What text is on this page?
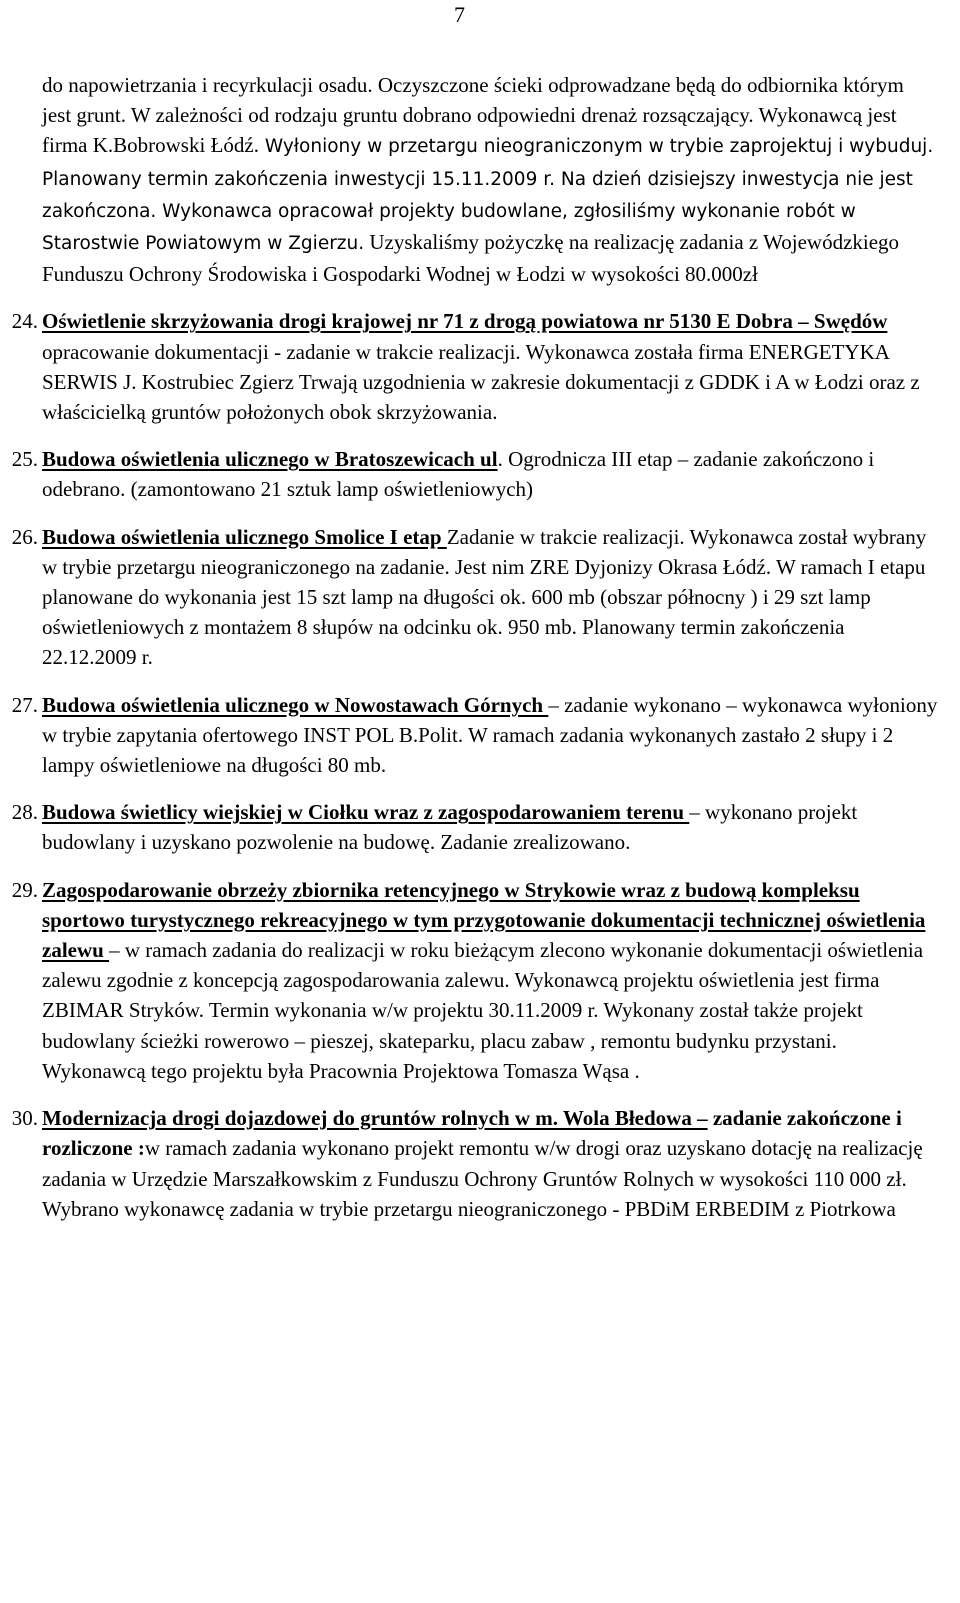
7

do napowietrzania i recyrkulacji osadu. Oczyszczone ścieki odprowadzane będą do odbiornika którym jest grunt. W zależności od rodzaju gruntu dobrano odpowiedni drenaż rozsączający. Wykonawcą jest firma K.Bobrowski Łódź. Wyłoniony w przetargu nieograniczonym w trybie zaprojektuj i wybuduj. Planowany termin zakończenia inwestycji 15.11.2009 r. Na dzień dzisiejszy inwestycja nie jest zakończona. Wykonawca opracował projekty budowlane, zgłosiliśmy wykonanie robót w Starostwie Powiatowym w Zgierzu. Uzyskaliśmy pożyczkę na realizację zadania z Wojewódzkiego Funduszu Ochrony Środowiska i Gospodarki Wodnej w Łodzi w wysokości 80.000zł

24. Oświetlenie skrzyżowania drogi krajowej nr 71 z drogą powiatowa nr 5130 E Dobra – Swędów opracowanie dokumentacji - zadanie w trakcie realizacji. Wykonawca została firma ENERGETYKA SERWIS J. Kostrubiec Zgierz Trwają uzgodnienia w zakresie dokumentacji z GDDK i A w Łodzi oraz z właścicielką gruntów położonych obok skrzyżowania.

25. Budowa oświetlenia ulicznego w Bratoszewicach ul. Ogrodnicza III etap – zadanie zakończono i odebrano. (zamontowano 21 sztuk lamp oświetleniowych)

26. Budowa oświetlenia ulicznego Smolice I etap Zadanie w trakcie realizacji. Wykonawca został wybrany w trybie przetargu nieograniczonego na zadanie. Jest nim ZRE Dyjonizy Okrasa Łódź. W ramach I etapu planowane do wykonania jest 15 szt lamp na długości ok. 600 mb (obszar północny ) i 29 szt lamp oświetleniowych z montażem 8 słupów na odcinku ok. 950 mb. Planowany termin zakończenia 22.12.2009 r.

27. Budowa oświetlenia ulicznego w Nowostawach Górnych – zadanie wykonano – wykonawca wyłoniony w trybie zapytania ofertowego INST POL B.Polit. W ramach zadania wykonanych zastało 2 słupy i 2 lampy oświetleniowe na długości 80 mb.

28. Budowa świetlicy wiejskiej w Ciołku wraz z zagospodarowaniem terenu – wykonano projekt budowlany i uzyskano pozwolenie na budowę. Zadanie zrealizowano.

29. Zagospodarowanie obrzeży zbiornika retencyjnego w Strykowie wraz z budową kompleksu sportowo turystycznego rekreacyjnego w tym przygotowanie dokumentacji technicznej oświetlenia zalewu – w ramach zadania do realizacji w roku bieżącym zlecono wykonanie dokumentacji oświetlenia zalewu zgodnie z koncepcją zagospodarowania zalewu. Wykonawcą projektu oświetlenia jest firma ZBIMAR Stryków. Termin wykonania w/w projektu 30.11.2009 r. Wykonany został także projekt budowlany ścieżki rowerowo – pieszej, skateparku, placu zabaw , remontu budynku przystani. Wykonawcą tego projektu była Pracownia Projektowa Tomasza Wąsa .

30. Modernizacja drogi dojazdowej do gruntów rolnych w m. Wola Błedowa – zadanie zakończone i rozliczone :w ramach zadania wykonano projekt remontu w/w drogi oraz uzyskano dotację na realizację zadania w Urzędzie Marszałkowskim z Funduszu Ochrony Gruntów Rolnych w wysokości 110 000 zł. Wybrano wykonawcę zadania w trybie przetargu nieograniczonego - PBDiM ERBEDIM z Piotrkowa
